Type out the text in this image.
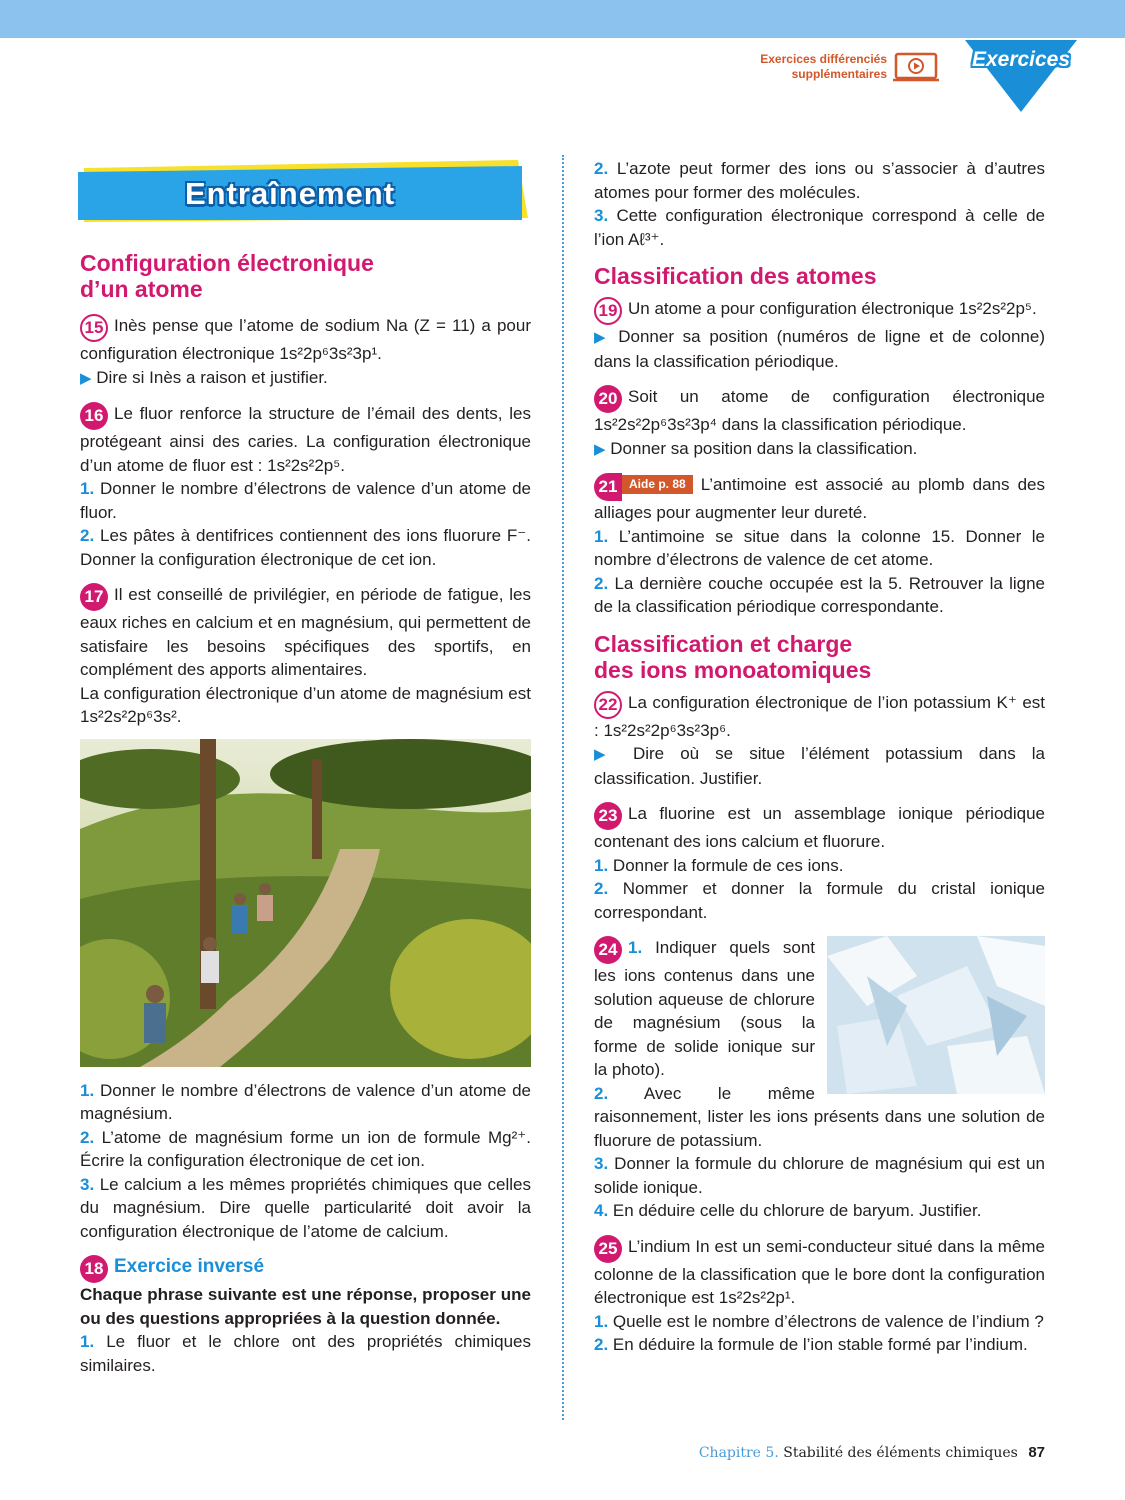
Exercices différenciés
supplémentaires
Exercices
Entraînement
Configuration électronique
d’un atome

15 Inès pense que l’atome de sodium Na (Z = 11) a pour configuration électronique 1s²2p⁶3s²3p¹.

▶ Dire si Inès a raison et justifier.

16 Le fluor renforce la structure de l’émail des dents, les protégeant ainsi des caries. La configuration électronique d’un atome de fluor est : 1s²2s²2p⁵.

1. Donner le nombre d’électrons de valence d’un atome de fluor.

2. Les pâtes à dentifrices contiennent des ions fluorure F⁻. Donner la configuration électronique de cet ion.

17 Il est conseillé de privilégier, en période de fatigue, les eaux riches en calcium et en magnésium, qui permettent de satisfaire les besoins spécifiques des sportifs, en complément des apports alimentaires.

La configuration électronique d’un atome de magnésium est 1s²2s²2p⁶3s².

1. Donner le nombre d’électrons de valence d’un atome de magnésium.

2. L’atome de magnésium forme un ion de formule Mg²⁺. Écrire la configuration électronique de cet ion.

3. Le calcium a les mêmes propriétés chimiques que celles du magnésium. Dire quelle particularité doit avoir la configuration électronique de l’atome de calcium.

18 Exercice inversé

Chaque phrase suivante est une réponse, proposer une ou des questions appropriées à la question donnée.

1. Le fluor et le chlore ont des propriétés chimiques similaires.

2. L’azote peut former des ions ou s’associer à d’autres atomes pour former des molécules.

3. Cette configuration électronique correspond à celle de l’ion Aℓ³⁺.

Classification des atomes

19 Un atome a pour configuration électronique 1s²2s²2p⁵.

▶ Donner sa position (numéros de ligne et de colonne) dans la classification périodique.

20 Soit un atome de configuration électronique 1s²2s²2p⁶3s²3p⁴ dans la classification périodique.

▶ Donner sa position dans la classification.

21 Aide p. 88 L’antimoine est associé au plomb dans des alliages pour augmenter leur dureté.

1. L’antimoine se situe dans la colonne 15. Donner le nombre d’électrons de valence de cet atome.

2. La dernière couche occupée est la 5. Retrouver la ligne de la classification périodique correspondante.

Classification et charge
des ions monoatomiques

22 La configuration électronique de l’ion potassium K⁺ est : 1s²2s²2p⁶3s²3p⁶.

▶ Dire où se situe l’élément potassium dans la classification. Justifier.

23 La fluorine est un assemblage ionique périodique contenant des ions calcium et fluorure.

1. Donner la formule de ces ions.

2. Nommer et donner la formule du cristal ionique correspondant.

24 1. Indiquer quels sont les ions contenus dans une solution aqueuse de chlorure de magnésium (sous la forme de solide ionique sur la photo).

2. Avec le même raisonnement, lister les ions présents dans une solution de fluorure de potassium.

3. Donner la formule du chlorure de magnésium qui est un solide ionique.

4. En déduire celle du chlorure de baryum. Justifier.

25 L’indium In est un semi-conducteur situé dans la même colonne de la classification que le bore dont la configuration électronique est 1s²2s²2p¹.

1. Quelle est le nombre d’électrons de valence de l’indium ?

2. En déduire la formule de l’ion stable formé par l’indium.

Chapitre 5. Stabilité des éléments chimiques 87
